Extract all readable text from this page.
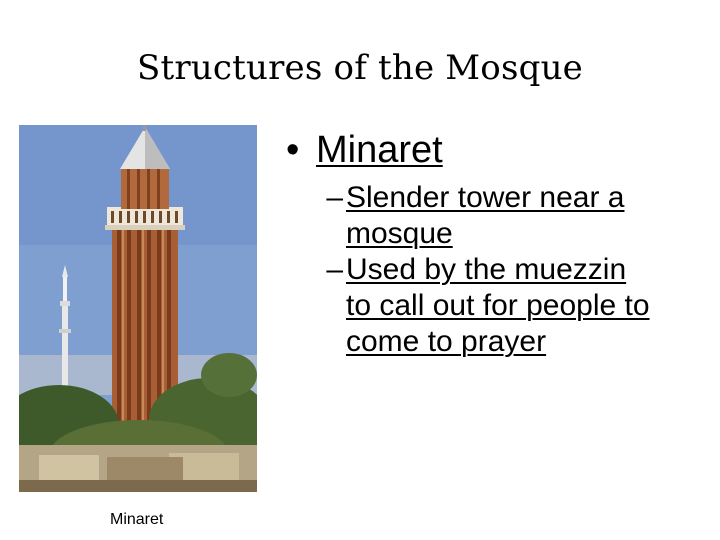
Structures of the Mosque
Minaret
• Minaret
– Slender tower near a mosque
– Used by the muezzin to call out for people to come to prayer
